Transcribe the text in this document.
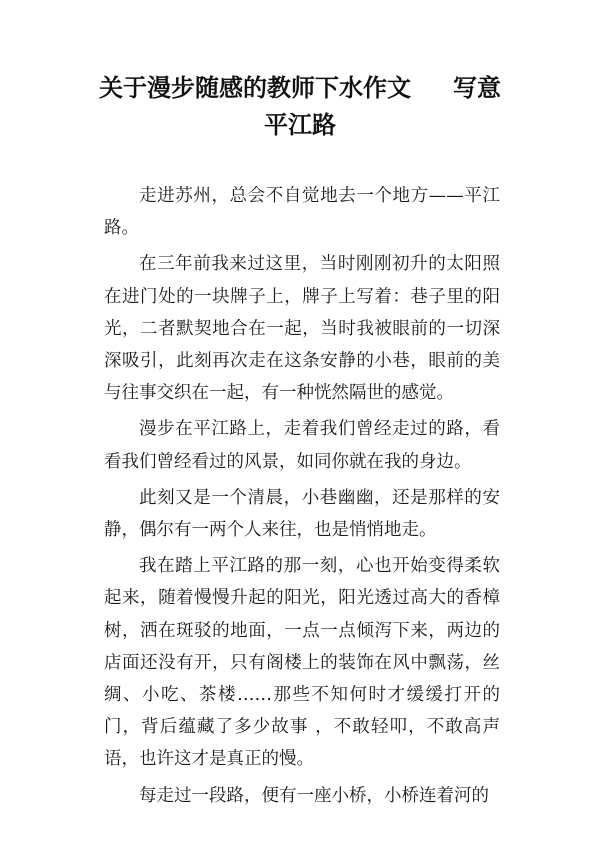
关于漫步随感的教师下水作文 写意
平江路

走进苏州，总会不自觉地去一个地方——平江路。

在三年前我来过这里，当时刚刚初升的太阳照在进门处的一块牌子上，牌子上写着：巷子里的阳光，二者默契地合在一起，当时我被眼前的一切深深吸引，此刻再次走在这条安静的小巷，眼前的美与往事交织在一起，有一种恍然隔世的感觉。

漫步在平江路上，走着我们曾经走过的路，看看我们曾经看过的风景，如同你就在我的身边。

此刻又是一个清晨，小巷幽幽，还是那样的安静，偶尔有一两个人来往，也是悄悄地走。

我在踏上平江路的那一刻，心也开始变得柔软起来，随着慢慢升起的阳光，阳光透过高大的香樟树，洒在斑驳的地面，一点一点倾泻下来，两边的店面还没有开，只有阁楼上的装饰在风中飘荡，丝绸、小吃、茶楼……那些不知何时才缓缓打开的门，背后蕴藏了多少故事 ，不敢轻叩，不敢高声语，也许这才是真正的慢。

每走过一段路，便有一座小桥，小桥连着河的
